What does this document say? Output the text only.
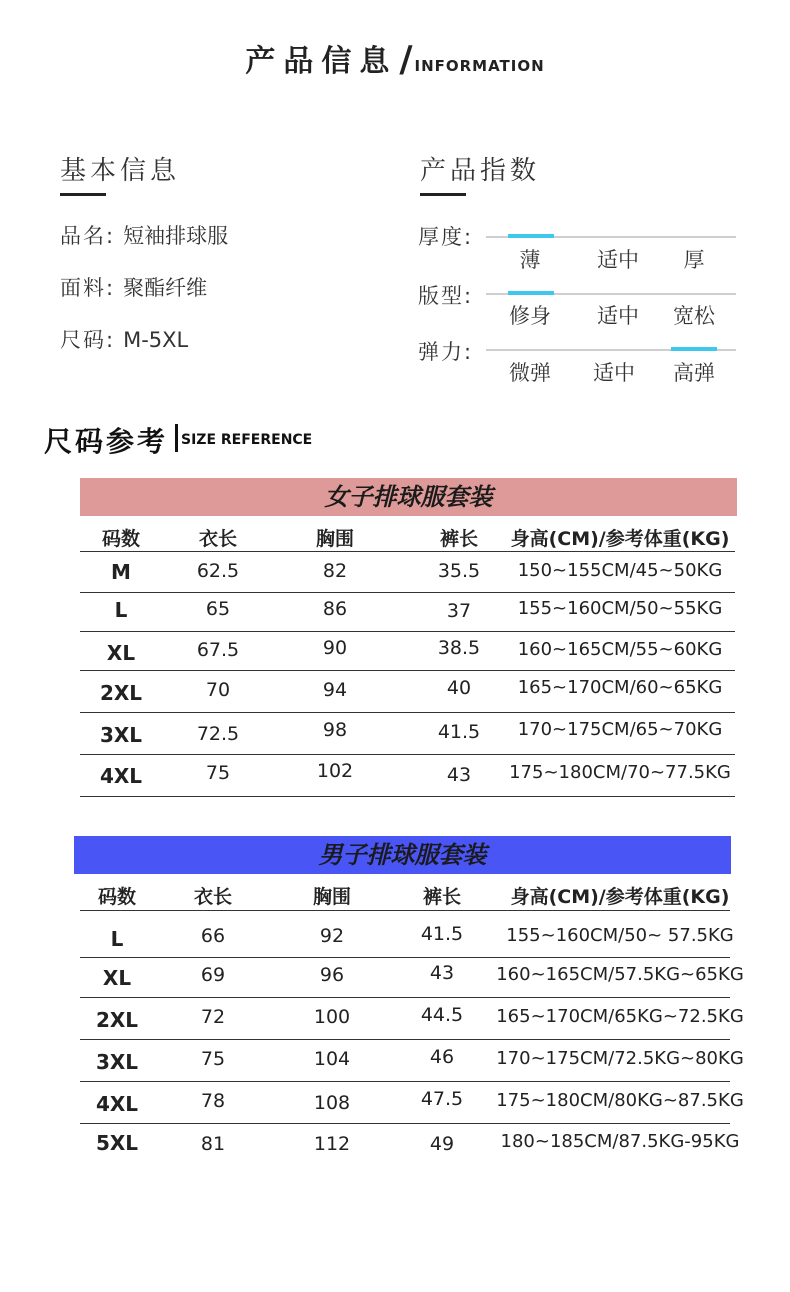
产品信息/ INFORMATION
基本信息
品名: 短袖排球服
面料: 聚酯纤维
尺码: M-5XL
产品指数
厚度:
薄	适中	厚
版型:
修身	适中	宽松
弹力:
微弹	适中	高弹
尺码参考 SIZE REFERENCE
女子排球服套装
码数	衣长	胸围	裤长	身高(CM)/参考体重(KG)
M	62.5	82	35.5	150~155CM/45~50KG
L	65	86	37	155~160CM/50~55KG
XL	67.5	90	38.5	160~165CM/55~60KG
2XL	70	94	40	165~170CM/60~65KG
3XL	72.5	98	41.5	170~175CM/65~70KG
4XL	75	102	43	175~180CM/70~77.5KG
男子排球服套装
码数	衣长	胸围	裤长	身高(CM)/参考体重(KG)
L	66	92	41.5	155~160CM/50~ 57.5KG
XL	69	96	43	160~165CM/57.5KG~65KG
2XL	72	100	44.5	165~170CM/65KG~72.5KG
3XL	75	104	46	170~175CM/72.5KG~80KG
4XL	78	108	47.5	175~180CM/80KG~87.5KG
5XL	81	112	49	180~185CM/87.5KG-95KG
